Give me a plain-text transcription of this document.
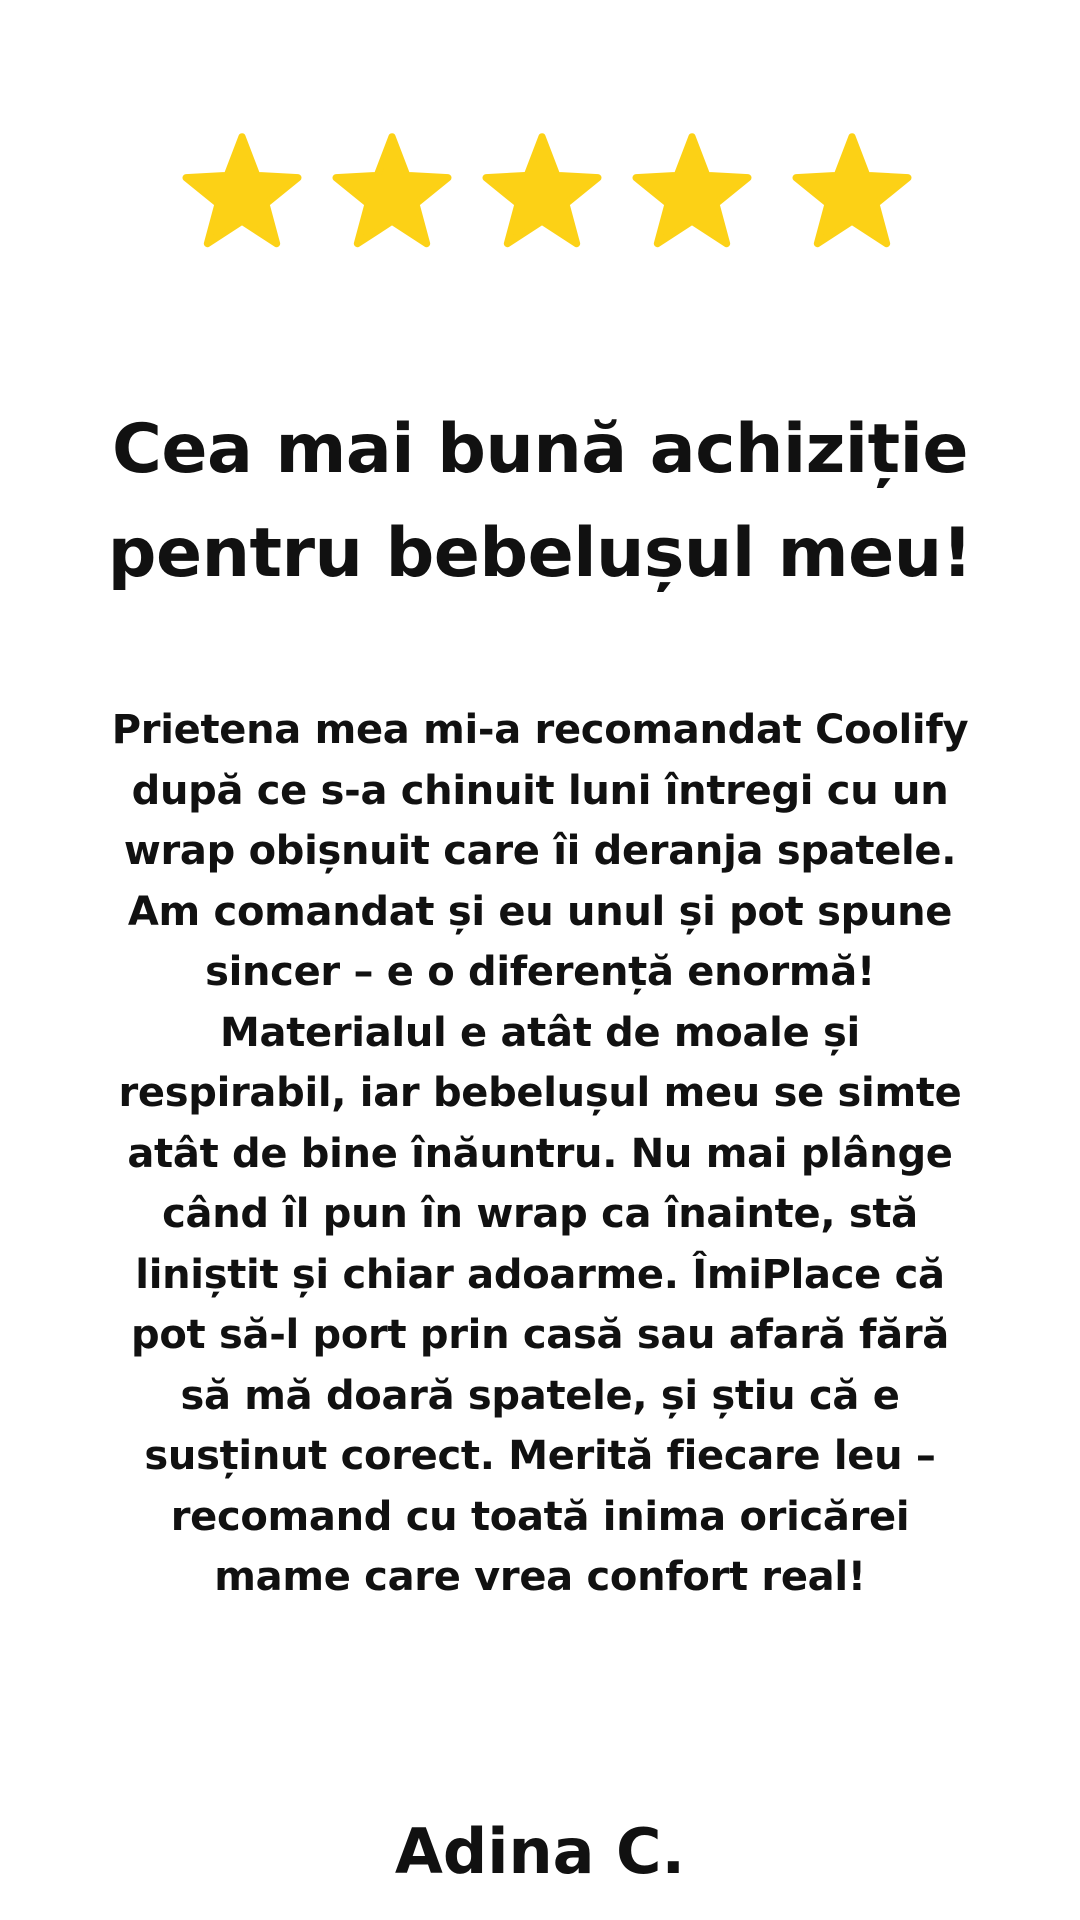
Cea mai bună achiziție pentru bebelușul meu!

Prietena mea mi-a recomandat Coolify după ce s-a chinuit luni întregi cu un wrap obișnuit care îi deranja spatele. Am comandat și eu unul și pot spune sincer – e o diferență enormă! Materialul e atât de moale și respirabil, iar bebelușul meu se simte atât de bine înăuntru. Nu mai plânge când îl pun în wrap ca înainte, stă liniștit și chiar adoarme. ÎmiPlace că pot să-l port prin casă sau afară fără să mă doară spatele, și știu că e susținut corect. Merită fiecare leu – recomand cu toată inima oricărei mame care vrea confort real!

Adina C.
